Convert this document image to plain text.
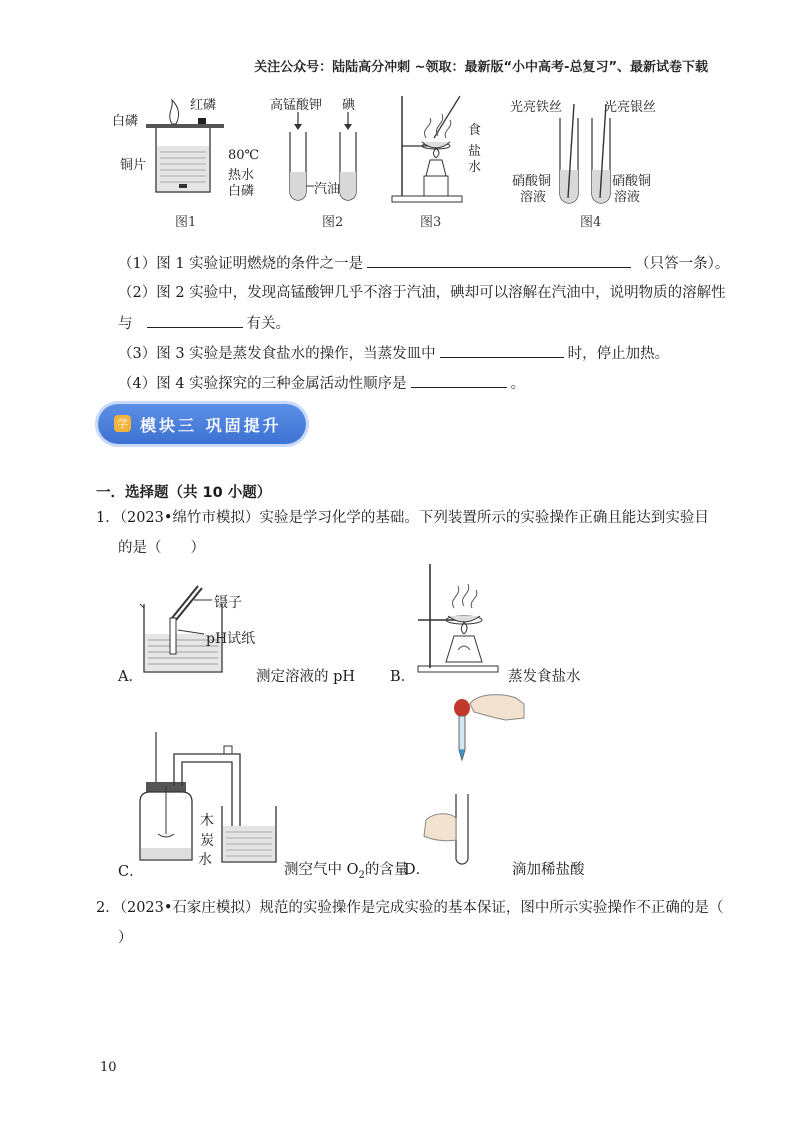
关注公众号：陆陆高分冲刺 ~领取：最新版“小中高考-总复习”、最新试卷下载
白磷
红磷
铜片
80℃
热水
白磷
图1
高锰酸钾 碘
汽油
图2
食
盐
水
图3
光亮铁丝	光亮银丝
硝酸铜
溶液
硝酸铜
溶液
图4
（1）图 1 实验证明燃烧的条件之一是	（只答一条）。
（2）图 2 实验中，发现高锰酸钾几乎不溶于汽油，碘却可以溶解在汽油中，说明物质的溶解性
与	有关。
（3）图 3 实验是蒸发食盐水的操作，当蒸发皿中	时，停止加热。
（4）图 4 实验探究的三种金属活动性顺序是	。
学 模块三 巩固提升
一．选择题（共 10 小题）
1．（2023•绵竹市模拟）实验是学习化学的基础。下列装置所示的实验操作正确且能达到实验目
的是（　　）
镊子
pH试纸
A．	测定溶液的 pH B．	蒸发食盐水
木
炭
水
C．	测空气中 $O_2$的含量
D．	滴加稀盐酸
2．（2023•石家庄模拟）规范的实验操作是完成实验的基本保证，图中所示实验操作不正确的是（
）
10
